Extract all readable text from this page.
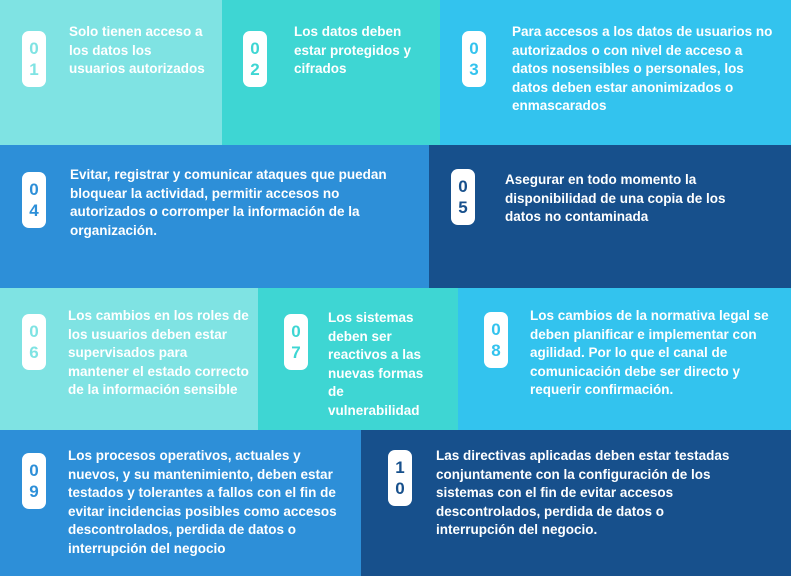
0
1
Solo tienen acceso a los datos los usuarios autorizados
0
2
Los datos deben estar protegidos y cifrados
0
3
Para accesos a los datos de usuarios no autorizados o con nivel de acceso a datos nosensibles o personales, los datos deben estar anonimizados o enmascarados
0
4
Evitar, registrar y comunicar ataques que puedan bloquear la actividad, permitir accesos no autorizados o corromper la información de la organización.
0
5
Asegurar en todo momento la disponibilidad de una copia de los datos no contaminada
0
6
Los cambios en los roles de los usuarios deben estar supervisados para mantener el estado correcto de la información sensible
0
7
Los sistemas deben ser reactivos a las nuevas formas de vulnerabilidad
0
8
Los cambios de la normativa legal se deben planificar e implementar con agilidad. Por lo que el canal de comunicación debe ser directo y requerir confirmación.
0
9
Los procesos operativos, actuales y nuevos, y su mantenimiento, deben estar testados y tolerantes a fallos con el fin de evitar incidencias posibles como accesos descontrolados, perdida de datos o interrupción del negocio
1
0
Las directivas aplicadas deben estar testadas conjuntamente con la configuración de los sistemas con el fin de evitar accesos descontrolados, perdida de datos o interrupción del negocio.
